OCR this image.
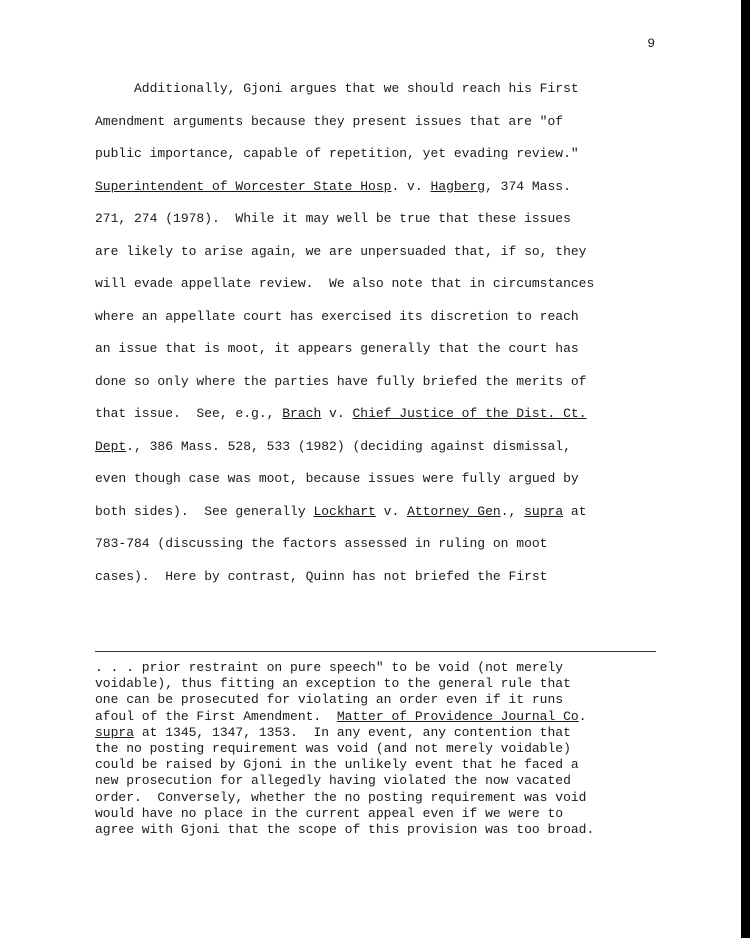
9

Additionally, Gjoni argues that we should reach his First
Amendment arguments because they present issues that are "of
public importance, capable of repetition, yet evading review."
Superintendent of Worcester State Hosp. v. Hagberg, 374 Mass.
271, 274 (1978).  While it may well be true that these issues
are likely to arise again, we are unpersuaded that, if so, they
will evade appellate review.  We also note that in circumstances
where an appellate court has exercised its discretion to reach
an issue that is moot, it appears generally that the court has
done so only where the parties have fully briefed the merits of
that issue.  See, e.g., Brach v. Chief Justice of the Dist. Ct.
Dept., 386 Mass. 528, 533 (1982) (deciding against dismissal,
even though case was moot, because issues were fully argued by
both sides).  See generally Lockhart v. Attorney Gen., supra at
783-784 (discussing the factors assessed in ruling on moot
cases).  Here by contrast, Quinn has not briefed the First
. . . prior restraint on pure speech" to be void (not merely
voidable), thus fitting an exception to the general rule that
one can be prosecuted for violating an order even if it runs
afoul of the First Amendment.  Matter of Providence Journal Co.
supra at 1345, 1347, 1353.  In any event, any contention that
the no posting requirement was void (and not merely voidable)
could be raised by Gjoni in the unlikely event that he faced a
new prosecution for allegedly having violated the now vacated
order.  Conversely, whether the no posting requirement was void
would have no place in the current appeal even if we were to
agree with Gjoni that the scope of this provision was too broad.
